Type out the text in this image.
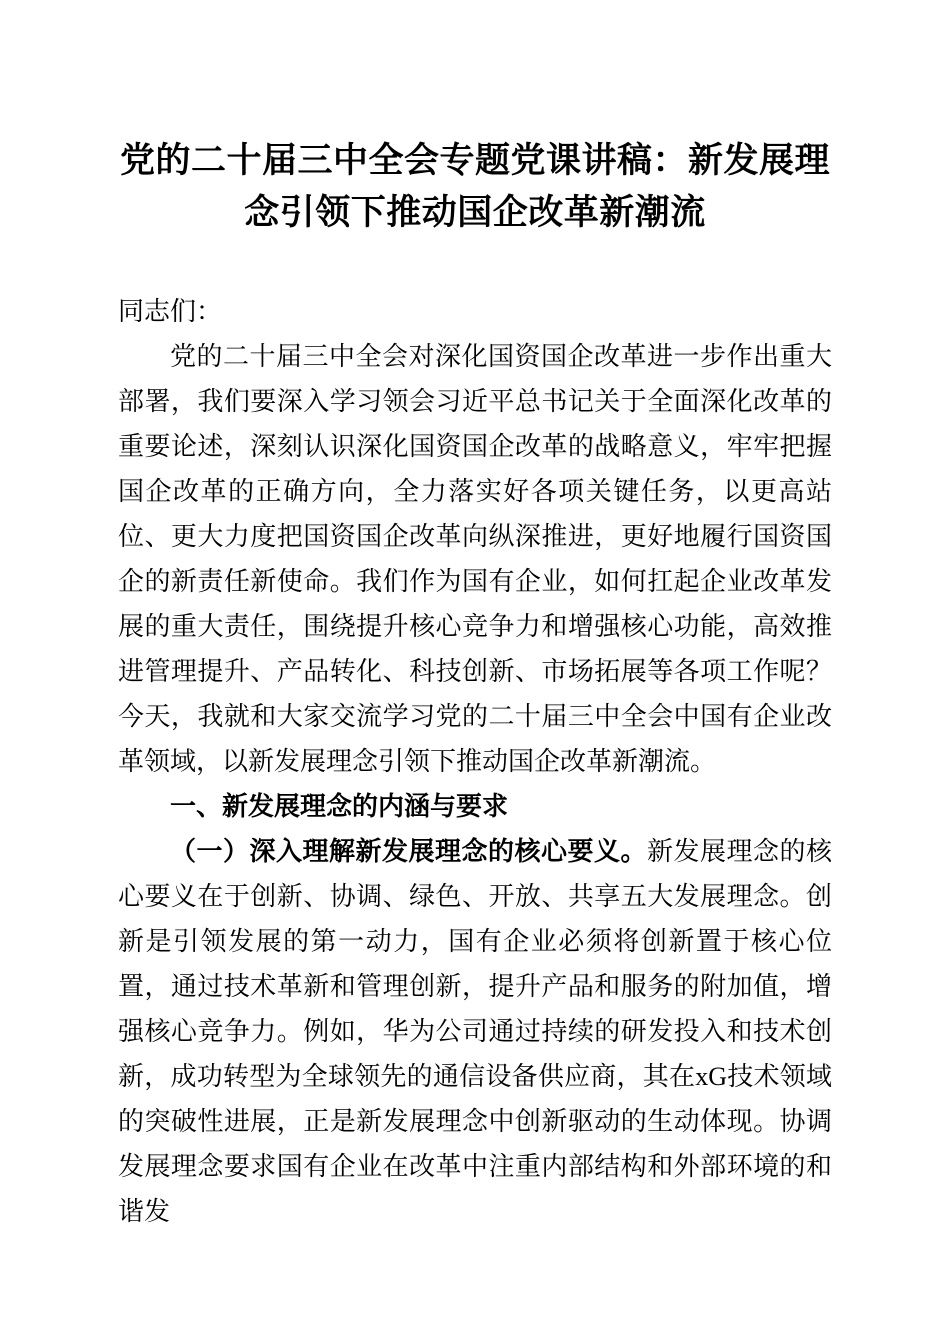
党的二十届三中全会专题党课讲稿：新发展理念引领下推动国企改革新潮流

同志们：

党的二十届三中全会对深化国资国企改革进一步作出重大部署，我们要深入学习领会习近平总书记关于全面深化改革的重要论述，深刻认识深化国资国企改革的战略意义，牢牢把握国企改革的正确方向，全力落实好各项关键任务，以更高站位、更大力度把国资国企改革向纵深推进，更好地履行国资国企的新责任新使命。我们作为国有企业，如何扛起企业改革发展的重大责任，围绕提升核心竞争力和增强核心功能，高效推进管理提升、产品转化、科技创新、市场拓展等各项工作呢？今天，我就和大家交流学习党的二十届三中全会中国有企业改革领域，以新发展理念引领下推动国企改革新潮流。

一、新发展理念的内涵与要求

（一）深入理解新发展理念的核心要义。新发展理念的核心要义在于创新、协调、绿色、开放、共享五大发展理念。创新是引领发展的第一动力，国有企业必须将创新置于核心位置，通过技术革新和管理创新，提升产品和服务的附加值，增强核心竞争力。例如，华为公司通过持续的研发投入和技术创新，成功转型为全球领先的通信设备供应商，其在xG技术领域的突破性进展，正是新发展理念中创新驱动的生动体现。协调发展理念要求国有企业在改革中注重内部结构和外部环境的和谐发
